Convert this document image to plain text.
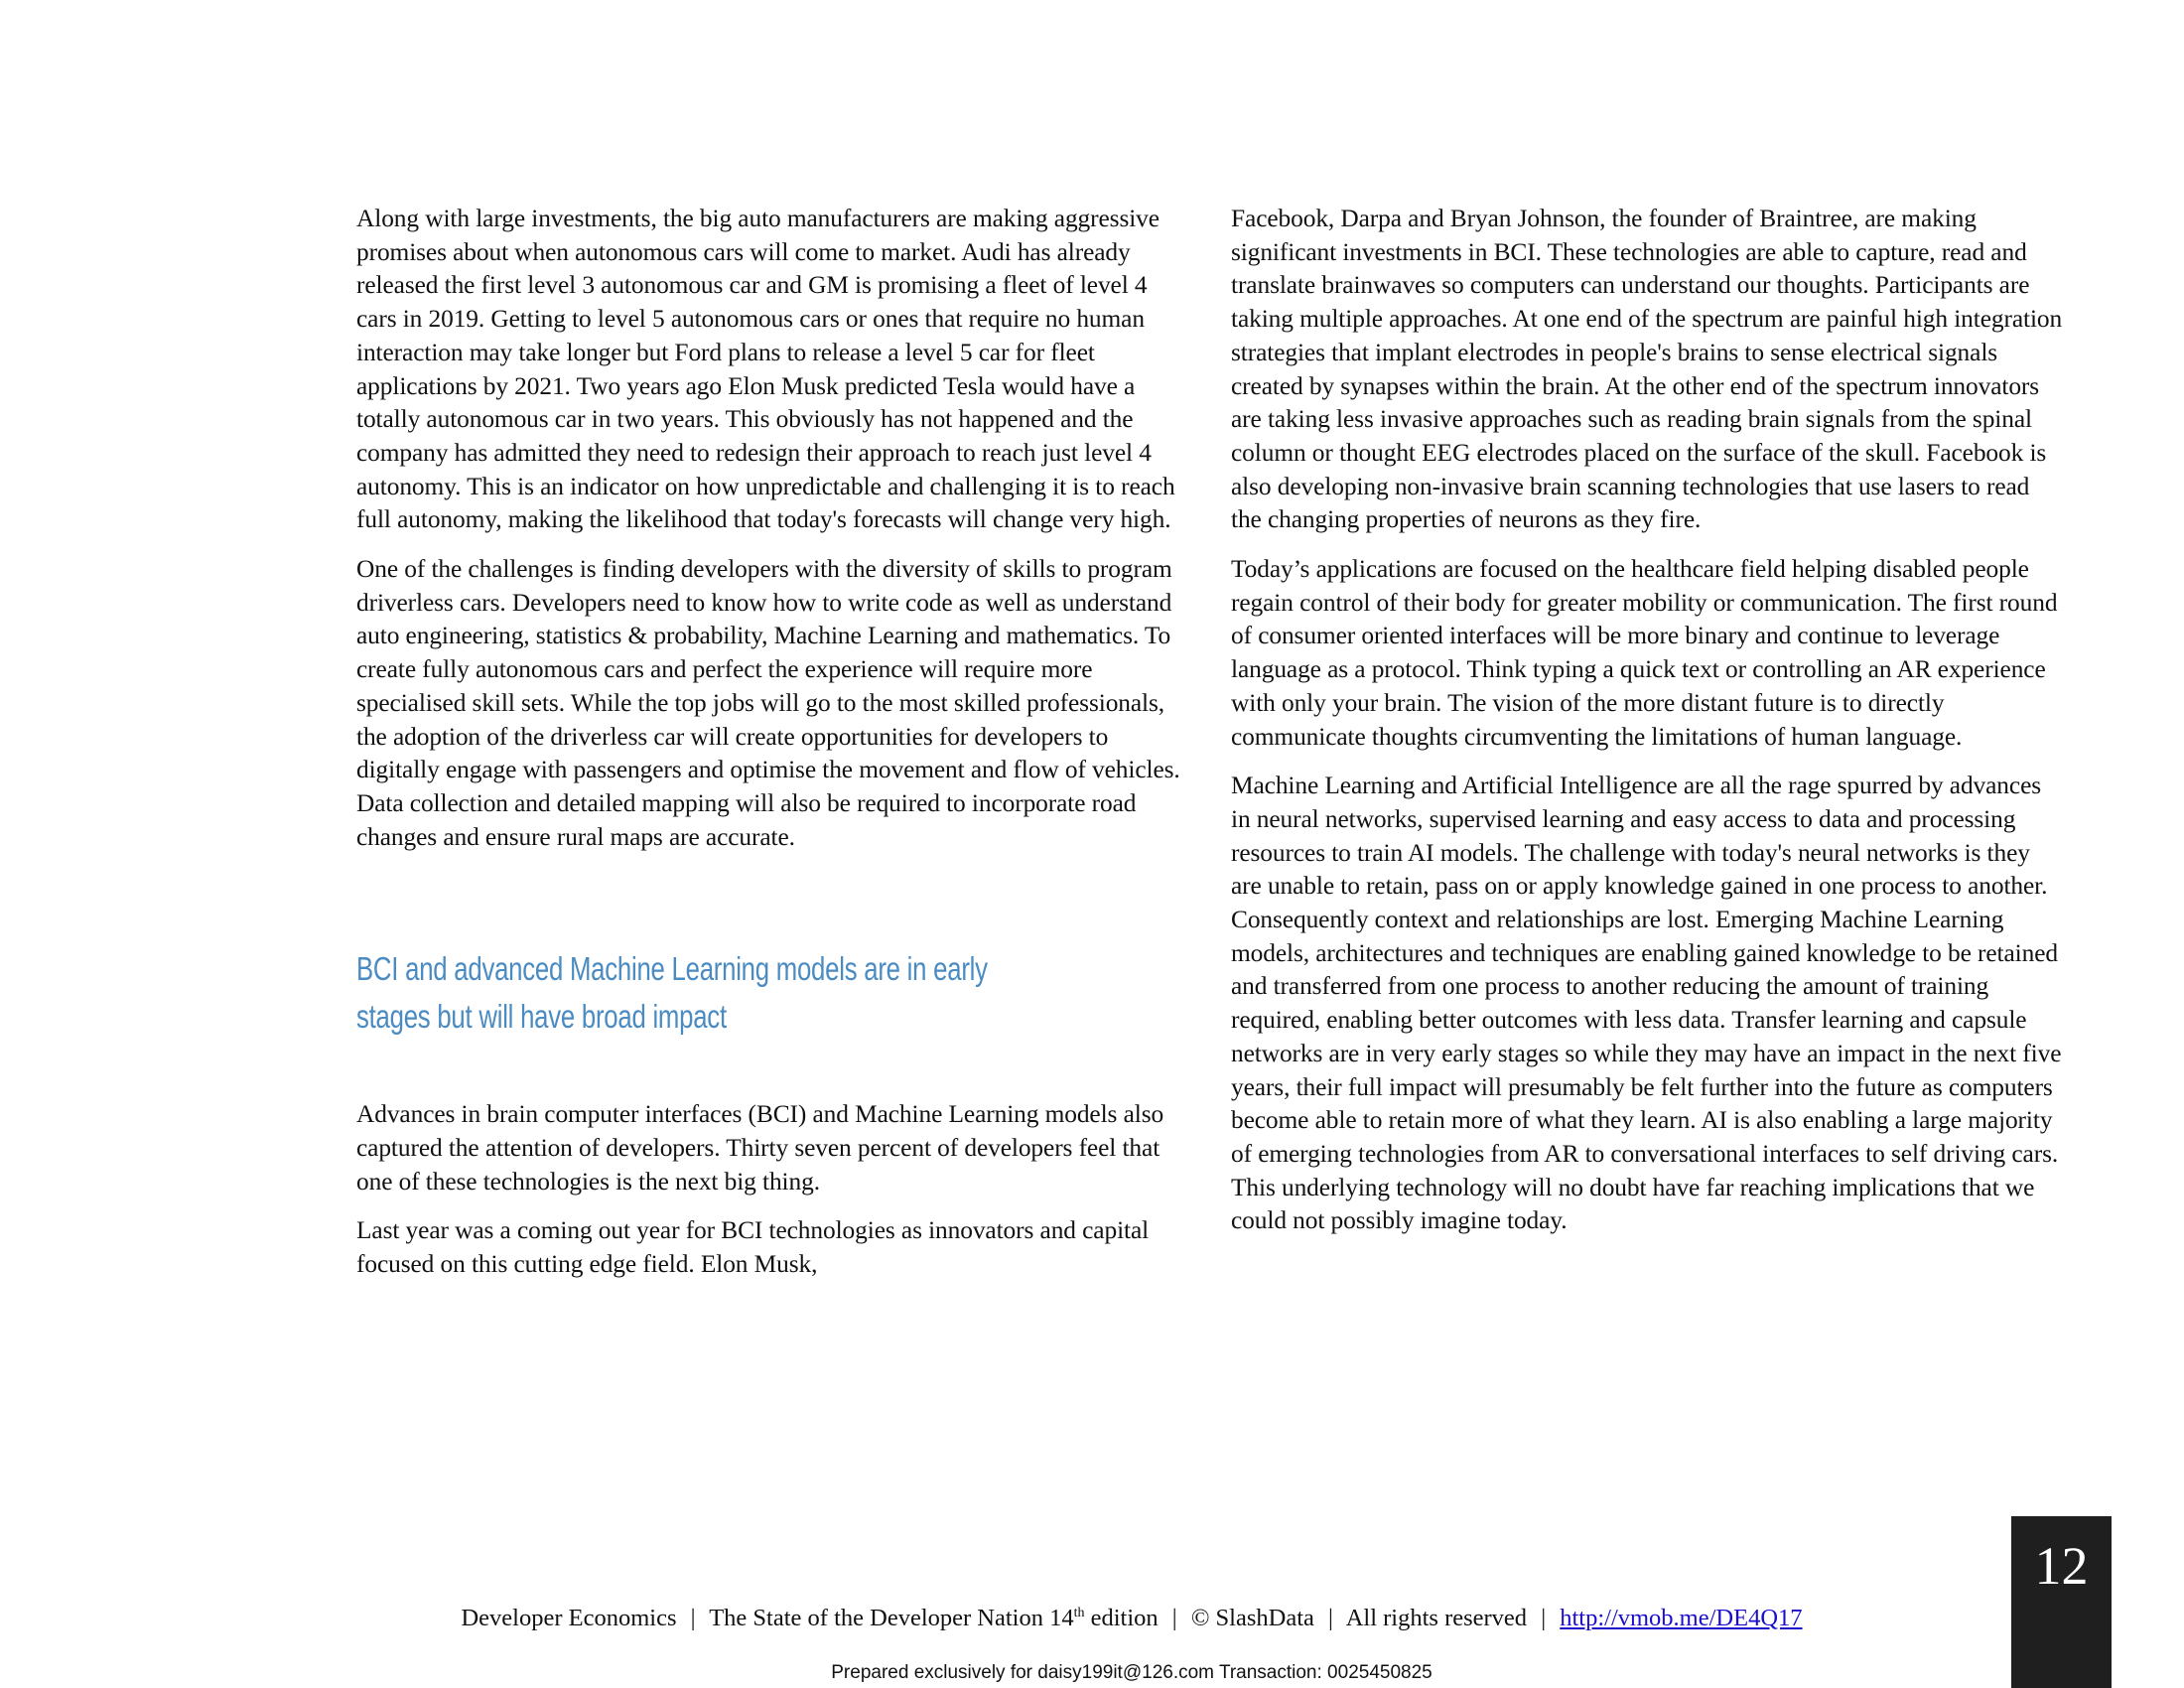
Along with large investments, the big auto manufacturers are making aggressive promises about when autonomous cars will come to market. Audi has already released the first level 3 autonomous car and GM is promising a fleet of level 4 cars in 2019. Getting to level 5 autonomous cars or ones that require no human interaction may take longer but Ford plans to release a level 5 car for fleet applications by 2021. Two years ago Elon Musk predicted Tesla would have a totally autonomous car in two years. This obviously has not happened and the company has admitted they need to redesign their approach to reach just level 4 autonomy. This is an indicator on how unpredictable and challenging it is to reach full autonomy, making the likelihood that today's forecasts will change very high.

One of the challenges is finding developers with the diversity of skills to program driverless cars. Developers need to know how to write code as well as understand auto engineering, statistics & probability, Machine Learning and mathematics. To create fully autonomous cars and perfect the experience will require more specialised skill sets. While the top jobs will go to the most skilled professionals, the adoption of the driverless car will create opportunities for developers to digitally engage with passengers and optimise the movement and flow of vehicles. Data collection and detailed mapping will also be required to incorporate road changes and ensure rural maps are accurate.

BCI and advanced Machine Learning models are in early
stages but will have broad impact

Advances in brain computer interfaces (BCI) and Machine Learning models also captured the attention of developers. Thirty seven percent of developers feel that one of these technologies is the next big thing.

Last year was a coming out year for BCI technologies as innovators and capital focused on this cutting edge field. Elon Musk,

Facebook, Darpa and Bryan Johnson, the founder of Braintree, are making significant investments in BCI. These technologies are able to capture, read and translate brainwaves so computers can understand our thoughts. Participants are taking multiple approaches. At one end of the spectrum are painful high integration strategies that implant electrodes in people's brains to sense electrical signals created by synapses within the brain. At the other end of the spectrum innovators are taking less invasive approaches such as reading brain signals from the spinal column or thought EEG electrodes placed on the surface of the skull. Facebook is also developing non-invasive brain scanning technologies that use lasers to read the changing properties of neurons as they fire.

Today’s applications are focused on the healthcare field helping disabled people regain control of their body for greater mobility or communication. The first round of consumer oriented interfaces will be more binary and continue to leverage language as a protocol. Think typing a quick text or controlling an AR experience with only your brain. The vision of the more distant future is to directly communicate thoughts circumventing the limitations of human language.

Machine Learning and Artificial Intelligence are all the rage spurred by advances in neural networks, supervised learning and easy access to data and processing resources to train AI models. The challenge with today's neural networks is they are unable to retain, pass on or apply knowledge gained in one process to another. Consequently context and relationships are lost. Emerging Machine Learning models, architectures and techniques are enabling gained knowledge to be retained and transferred from one process to another reducing the amount of training required, enabling better outcomes with less data. Transfer learning and capsule networks are in very early stages so while they may have an impact in the next five years, their full impact will presumably be felt further into the future as computers become able to retain more of what they learn. AI is also enabling a large majority of emerging technologies from AR to conversational interfaces to self driving cars. This underlying technology will no doubt have far reaching implications that we could not possibly imagine today.

Developer Economics | The State of the Developer Nation 14th edition | © SlashData | All rights reserved | http://vmob.me/DE4Q17
Prepared exclusively for daisy199it@126.com Transaction: 0025450825
12
